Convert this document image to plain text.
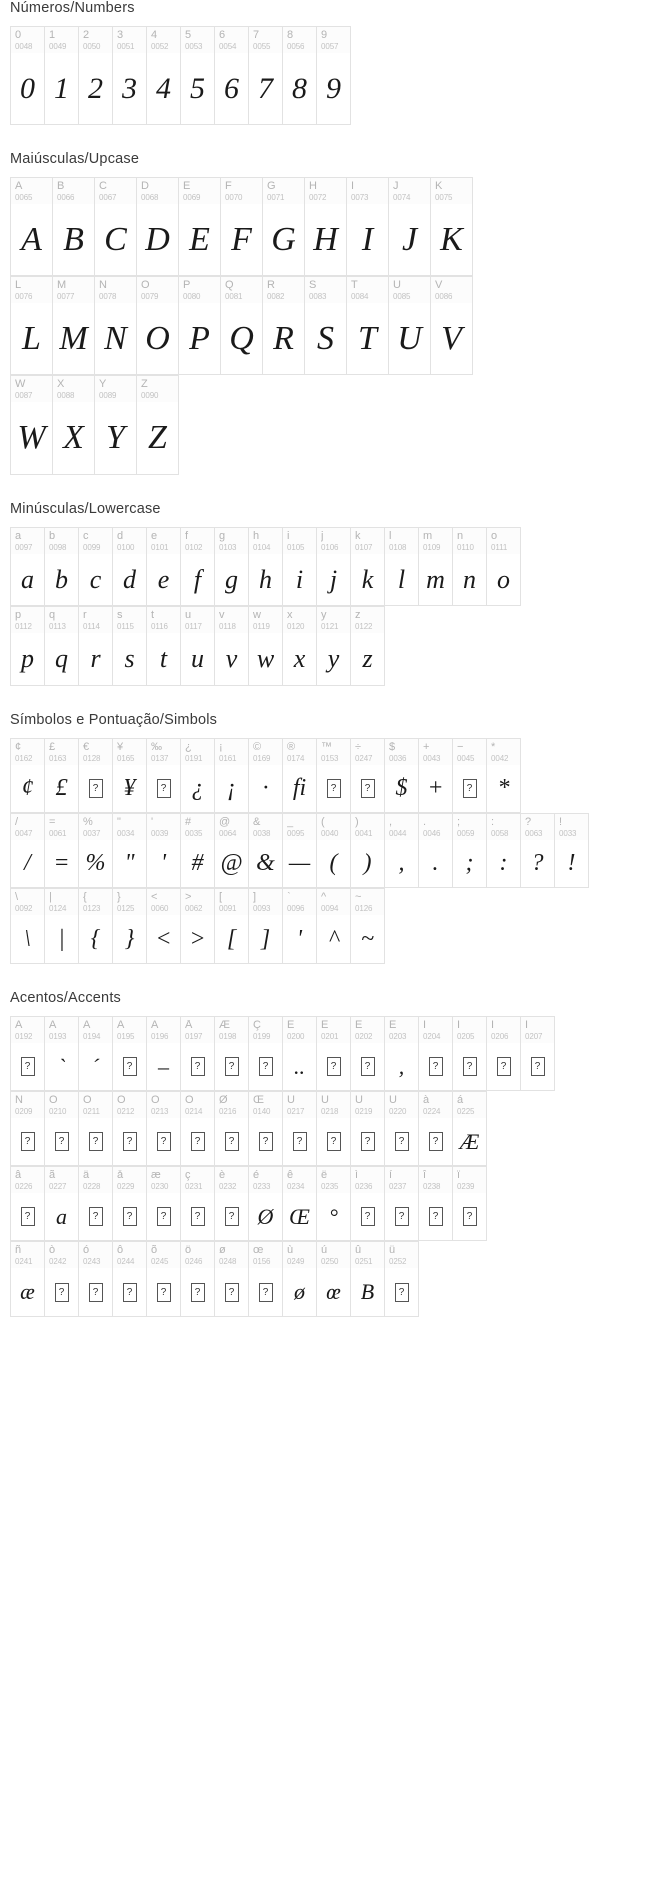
Números/Numbers
0
0048
0
1
0049
1
2
0050
2
3
0051
3
4
0052
4
5
0053
5
6
0054
6
7
0055
7
8
0056
8
9
0057
9
Maiúsculas/Upcase
A
0065
A
B
0066
B
C
0067
C
D
0068
D
E
0069
E
F
0070
F
G
0071
G
H
0072
H
I
0073
I
J
0074
J
K
0075
K
L
0076
L
M
0077
M
N
0078
N
O
0079
O
P
0080
P
Q
0081
Q
R
0082
R
S
0083
S
T
0084
T
U
0085
U
V
0086
V
W
0087
W
X
0088
X
Y
0089
Y
Z
0090
Z
Minúsculas/Lowercase
a
0097
a
b
0098
b
c
0099
c
d
0100
d
e
0101
e
f
0102
f
g
0103
g
h
0104
h
i
0105
i
j
0106
j
k
0107
k
l
0108
l
m
0109
m
n
0110
n
o
0111
o
p
0112
p
q
0113
q
r
0114
r
s
0115
s
t
0116
t
u
0117
u
v
0118
v
w
0119
w
x
0120
x
y
0121
y
z
0122
z
Símbolos e Pontuação/Simbols
¢
0162
¢
£
0163
£
€
0128
?
¥
0165
¥
‰
0137
?
¿
0191
¿
¡
0161
¡
©
0169
·
®
0174
fi
™
0153
?
÷
0247
?
$
0036
$
+
0043
+
−
0045
?
*
0042
*
/
0047
/
=
0061
=
%
0037
%
"
0034
"
'
0039
'
#
0035
#
@
0064
@
&
0038
&
_
0095
—
(
0040
(
)
0041
)
,
0044
,
.
0046
.
;
0059
;
:
0058
:
?
0063
?
!
0033
!
\
0092
\
|
0124
|
{
0123
{
}
0125
}
<
0060
<
>
0062
>
[
0091
[
]
0093
]
`
0096
'
^
0094
^
~
0126
~
Acentos/Accents
À
0192
?
Á
0193
`
Â
0194
´
Ã
0195
?
Ä
0196
–
Å
0197
?
Æ
0198
?
Ç
0199
?
È
0200
..
É
0201
?
Ê
0202
?
Ë
0203
,
Ì
0204
?
Í
0205
?
Î
0206
?
Ï
0207
?
Ñ
0209
?
Ò
0210
?
Ó
0211
?
Ô
0212
?
Õ
0213
?
Ö
0214
?
Ø
0216
?
Œ
0140
?
Ù
0217
?
Ú
0218
?
Û
0219
?
Ü
0220
?
à
0224
?
á
0225
Æ
â
0226
?
ã
0227
a
ä
0228
?
å
0229
?
æ
0230
?
ç
0231
?
è
0232
?
é
0233
Ø
ê
0234
Œ
ë
0235
°
ì
0236
?
í
0237
?
î
0238
?
ï
0239
?
ñ
0241
æ
ò
0242
?
ó
0243
?
ô
0244
?
õ
0245
?
ö
0246
?
ø
0248
?
œ
0156
?
ù
0249
ø
ú
0250
œ
û
0251
B
ü
0252
?
